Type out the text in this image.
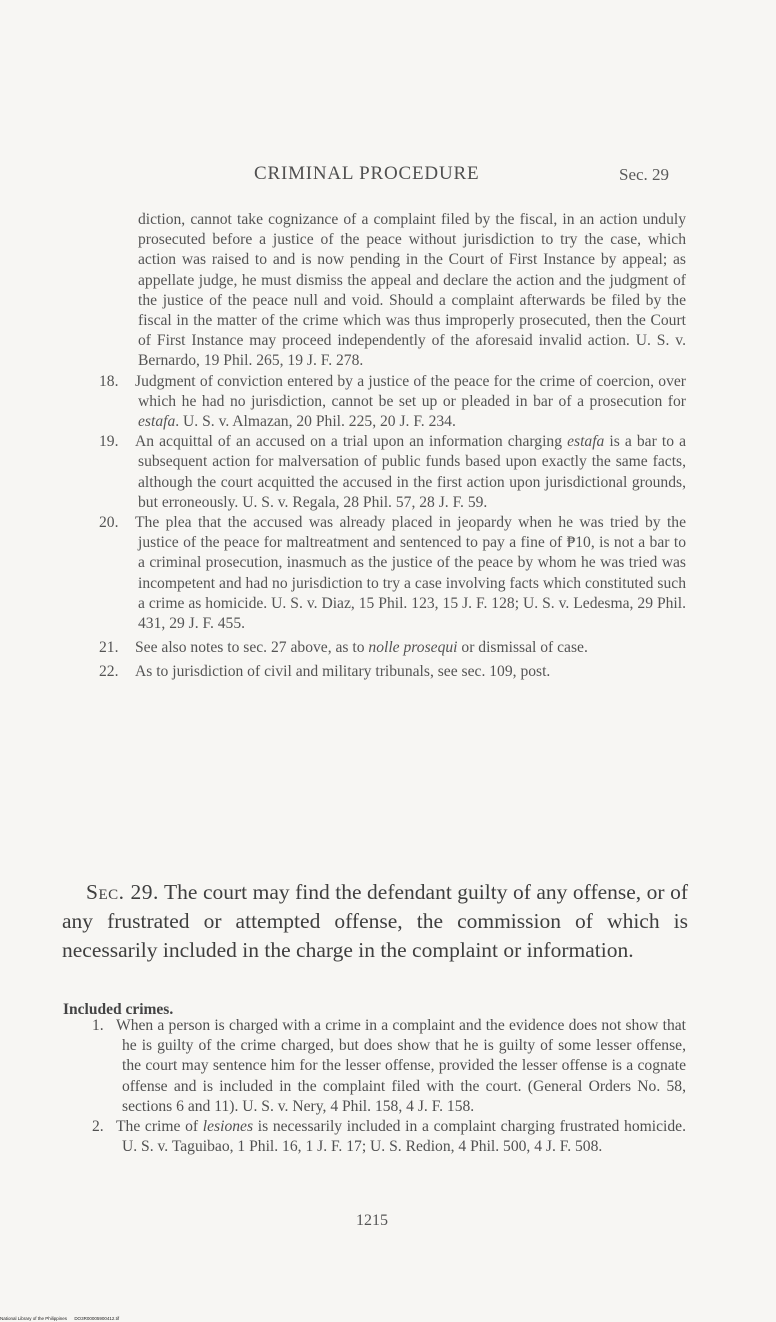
CRIMINAL PROCEDURE	Sec. 29
diction, cannot take cognizance of a complaint filed by the fiscal, in an action unduly prosecuted before a justice of the peace without jurisdiction to try the case, which action was raised to and is now pending in the Court of First Instance by appeal; as appellate judge, he must dismiss the appeal and declare the action and the judgment of the justice of the peace null and void. Should a complaint afterwards be filed by the fiscal in the matter of the crime which was thus improperly prosecuted, then the Court of First Instance may proceed independently of the aforesaid invalid action. U. S. v. Bernardo, 19 Phil. 265, 19 J. F. 278.
18. Judgment of conviction entered by a justice of the peace for the crime of coercion, over which he had no jurisdiction, cannot be set up or pleaded in bar of a prosecution for estafa. U. S. v. Almazan, 20 Phil. 225, 20 J. F. 234.
19. An acquittal of an accused on a trial upon an information charging estafa is a bar to a subsequent action for malversation of public funds based upon exactly the same facts, although the court acquitted the accused in the first action upon jurisdictional grounds, but erroneously. U. S. v. Regala, 28 Phil. 57, 28 J. F. 59.
20. The plea that the accused was already placed in jeopardy when he was tried by the justice of the peace for maltreatment and sentenced to pay a fine of ₱10, is not a bar to a criminal prosecution, inasmuch as the justice of the peace by whom he was tried was incompetent and had no jurisdiction to try a case involving facts which constituted such a crime as homicide. U. S. v. Diaz, 15 Phil. 123, 15 J. F. 128; U. S. v. Ledesma, 29 Phil. 431, 29 J. F. 455.
21. See also notes to sec. 27 above, as to nolle prosequi or dismissal of case.
22. As to jurisdiction of civil and military tribunals, see sec. 109, post.
Sec. 29. The court may find the defendant guilty of any offense, or of any frustrated or attempted offense, the commission of which is necessarily included in the charge in the complaint or information.
Included crimes.
1. When a person is charged with a crime in a complaint and the evidence does not show that he is guilty of the crime charged, but does show that he is guilty of some lesser offense, the court may sentence him for the lesser offense, provided the lesser offense is a cognate offense and is included in the complaint filed with the court. (General Orders No. 58, sections 6 and 11). U. S. v. Nery, 4 Phil. 158, 4 J. F. 158.
2. The crime of lesiones is necessarily included in a complaint charging frustrated homicide. U. S. v. Taguibao, 1 Phil. 16, 1 J. F. 17; U. S. Redion, 4 Phil. 500, 4 J. F. 508.
1215
National Library of the Philippines DO3R00005900412.tif
